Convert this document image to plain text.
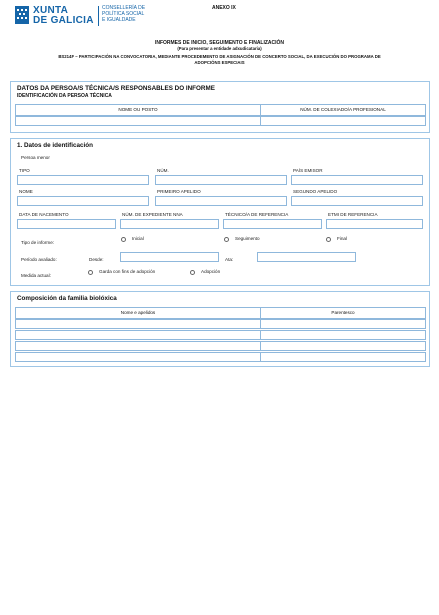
XUNTA
DE GALICIA
CONSELLERÍA DE
POLÍTICA SOCIAL
E IGUALDADE
ANEXO IX
INFORMES DE INICIO, SEGUIMENTO E FINALIZACIÓN
(Para presentar a entidade adxudicataria)
BS214F – PARTICIPACIÓN NA CONVOCATORIA, MEDIANTE PROCEDEMENTO DE ASIGNACIÓN DE CONCERTO SOCIAL, DA EXECUCIÓN DO PROGRAMA DE
ADOPCIÓNS ESPECIAIS
DATOS DA PERSOA/S TÉCNICA/S RESPONSABLES DO INFORME
IDENTIFICACIÓN DA PERSOA TÉCNICA
NOME OU POSTO	NÚM. DE COLEXIADO/A PROFESIONAL
1. Datos de identificación
Persoa menor
TIPO	NÚM.	PAÍS EMISOR
NOME	PRIMEIRO APELIDO	SEGUNDO APELIDO
DATA DE NACEMENTO	NÚM. DE EXPEDIENTE NNA	TÉCNICO/A DE REFERENCIA	ETMI DE REFERENCIA
Tipo de informe:
Inicial	Seguimento	Final
Período avaliado:	Desde:	Ata:
Medida actual:
Garda con fins de adopción	Adopción
Composición da familia biolóxica
Nome e apelidos	Parentesco
